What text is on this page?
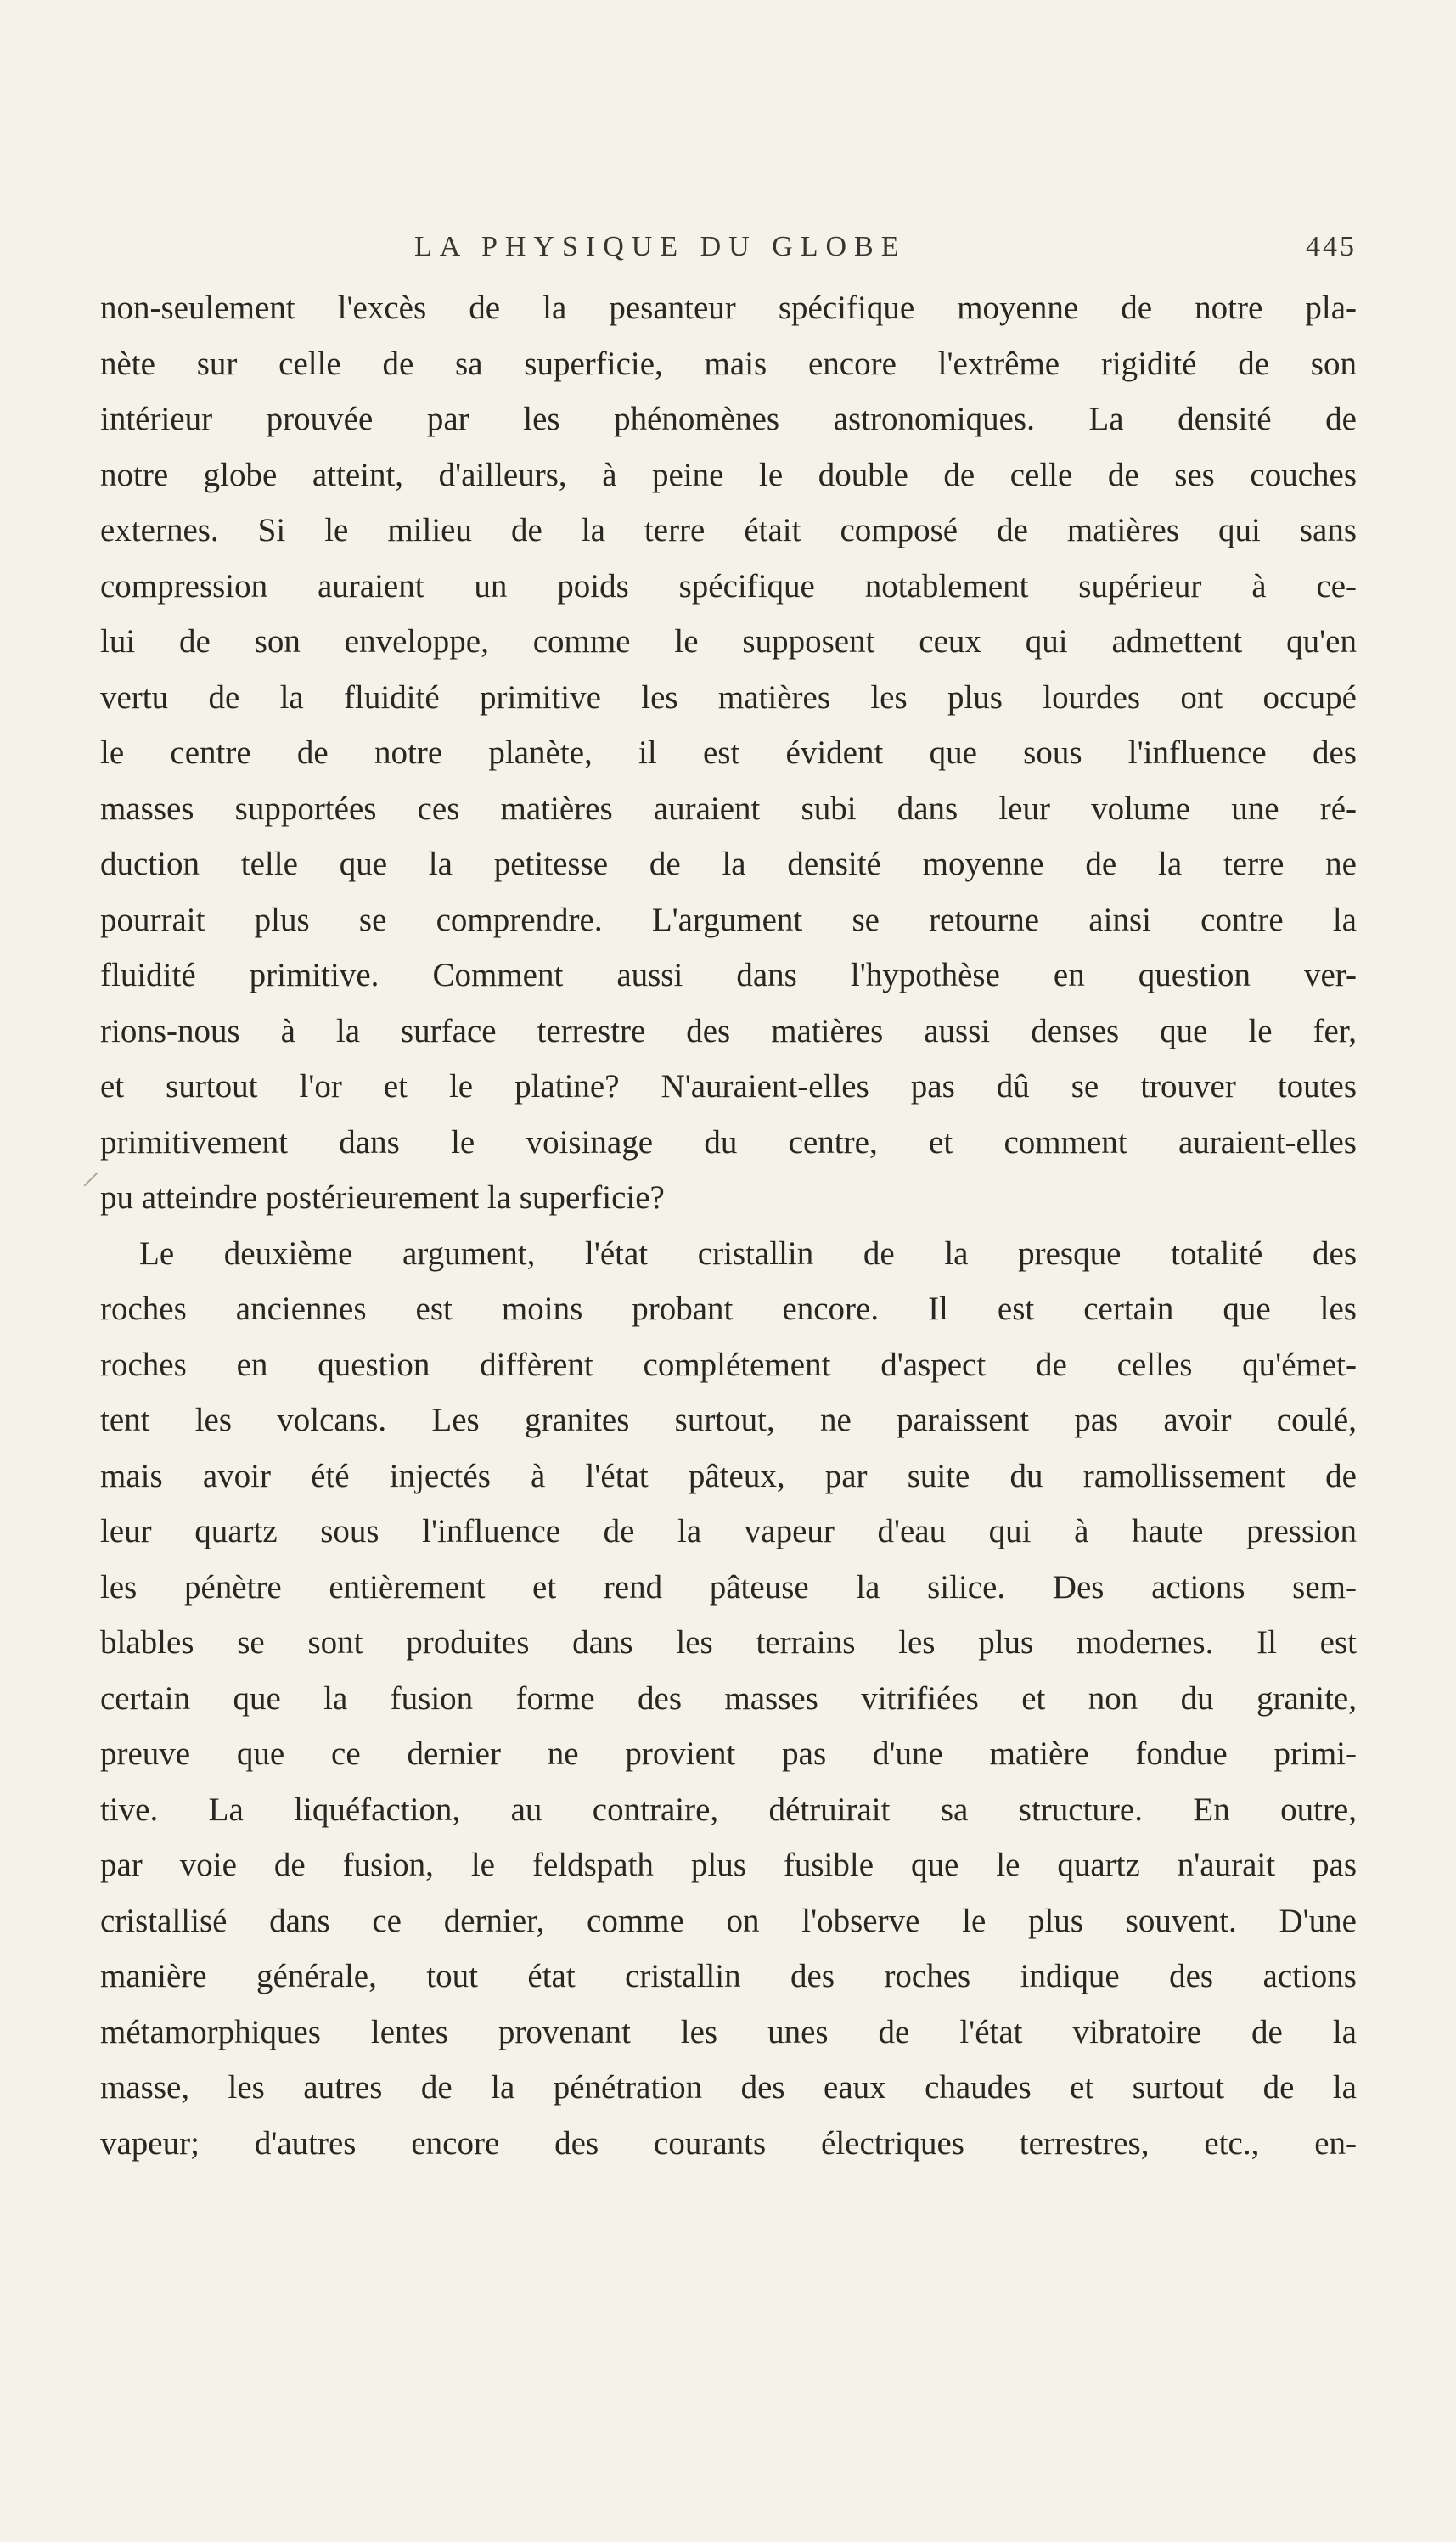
LA PHYSIQUE DU GLOBE	445
non-seulement l'excès de la pesanteur spécifique moyenne de notre pla-
nète sur celle de sa superficie, mais encore l'extrême rigidité de son
intérieur prouvée par les phénomènes astronomiques. La densité de
notre globe atteint, d'ailleurs, à peine le double de celle de ses couches
externes. Si le milieu de la terre était composé de matières qui sans
compression auraient un poids spécifique notablement supérieur à ce-
lui de son enveloppe, comme le supposent ceux qui admettent qu'en
vertu de la fluidité primitive les matières les plus lourdes ont occupé
le centre de notre planète, il est évident que sous l'influence des
masses supportées ces matières auraient subi dans leur volume une ré-
duction telle que la petitesse de la densité moyenne de la terre ne
pourrait plus se comprendre. L'argument se retourne ainsi contre la
fluidité primitive. Comment aussi dans l'hypothèse en question ver-
rions-nous à la surface terrestre des matières aussi denses que le fer,
et surtout l'or et le platine? N'auraient-elles pas dû se trouver toutes
primitivement dans le voisinage du centre, et comment auraient-elles
pu atteindre postérieurement la superficie?
Le deuxième argument, l'état cristallin de la presque totalité des
roches anciennes est moins probant encore. Il est certain que les
roches en question diffèrent complétement d'aspect de celles qu'émet-
tent les volcans. Les granites surtout, ne paraissent pas avoir coulé,
mais avoir été injectés à l'état pâteux, par suite du ramollissement de
leur quartz sous l'influence de la vapeur d'eau qui à haute pression
les pénètre entièrement et rend pâteuse la silice. Des actions sem-
blables se sont produites dans les terrains les plus modernes. Il est
certain que la fusion forme des masses vitrifiées et non du granite,
preuve que ce dernier ne provient pas d'une matière fondue primi-
tive. La liquéfaction, au contraire, détruirait sa structure. En outre,
par voie de fusion, le feldspath plus fusible que le quartz n'aurait pas
cristallisé dans ce dernier, comme on l'observe le plus souvent. D'une
manière générale, tout état cristallin des roches indique des actions
métamorphiques lentes provenant les unes de l'état vibratoire de la
masse, les autres de la pénétration des eaux chaudes et surtout de la
vapeur; d'autres encore des courants électriques terrestres, etc., en-
